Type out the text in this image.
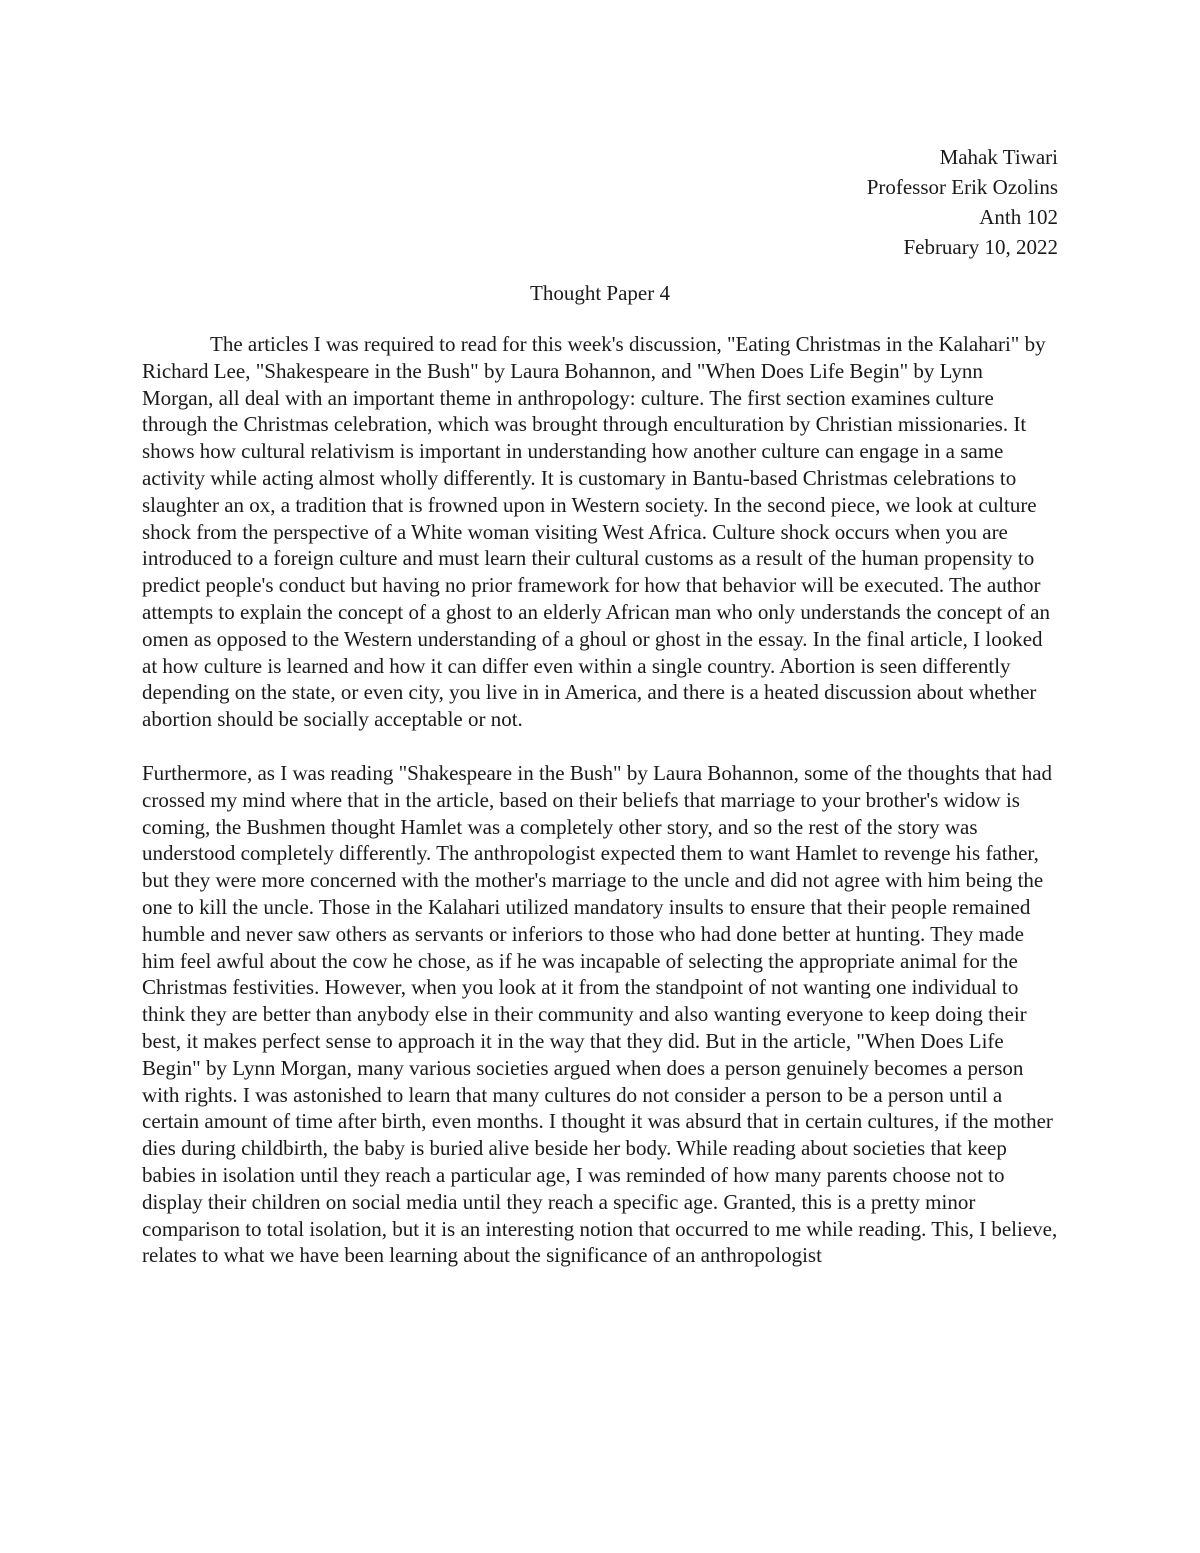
Mahak Tiwari
Professor Erik Ozolins
Anth 102
February 10, 2022
Thought Paper 4

The articles I was required to read for this week's discussion, "Eating Christmas in the Kalahari" by Richard Lee, "Shakespeare in the Bush" by Laura Bohannon, and "When Does Life Begin" by Lynn Morgan, all deal with an important theme in anthropology: culture. The first section examines culture through the Christmas celebration, which was brought through enculturation by Christian missionaries. It shows how cultural relativism is important in understanding how another culture can engage in a same activity while acting almost wholly differently. It is customary in Bantu-based Christmas celebrations to slaughter an ox, a tradition that is frowned upon in Western society. In the second piece, we look at culture shock from the perspective of a White woman visiting West Africa. Culture shock occurs when you are introduced to a foreign culture and must learn their cultural customs as a result of the human propensity to predict people's conduct but having no prior framework for how that behavior will be executed. The author attempts to explain the concept of a ghost to an elderly African man who only understands the concept of an omen as opposed to the Western understanding of a ghoul or ghost in the essay. In the final article, I looked at how culture is learned and how it can differ even within a single country. Abortion is seen differently depending on the state, or even city, you live in in America, and there is a heated discussion about whether abortion should be socially acceptable or not.

Furthermore, as I was reading "Shakespeare in the Bush" by Laura Bohannon, some of the thoughts that had crossed my mind where that in the article, based on their beliefs that marriage to your brother's widow is coming, the Bushmen thought Hamlet was a completely other story, and so the rest of the story was understood completely differently. The anthropologist expected them to want Hamlet to revenge his father, but they were more concerned with the mother's marriage to the uncle and did not agree with him being the one to kill the uncle. Those in the Kalahari utilized mandatory insults to ensure that their people remained humble and never saw others as servants or inferiors to those who had done better at hunting. They made him feel awful about the cow he chose, as if he was incapable of selecting the appropriate animal for the Christmas festivities. However, when you look at it from the standpoint of not wanting one individual to think they are better than anybody else in their community and also wanting everyone to keep doing their best, it makes perfect sense to approach it in the way that they did. But in the article, "When Does Life Begin" by Lynn Morgan, many various societies argued when does a person genuinely becomes a person with rights. I was astonished to learn that many cultures do not consider a person to be a person until a certain amount of time after birth, even months. I thought it was absurd that in certain cultures, if the mother dies during childbirth, the baby is buried alive beside her body. While reading about societies that keep babies in isolation until they reach a particular age, I was reminded of how many parents choose not to display their children on social media until they reach a specific age. Granted, this is a pretty minor comparison to total isolation, but it is an interesting notion that occurred to me while reading. This, I believe, relates to what we have been learning about the significance of an anthropologist
